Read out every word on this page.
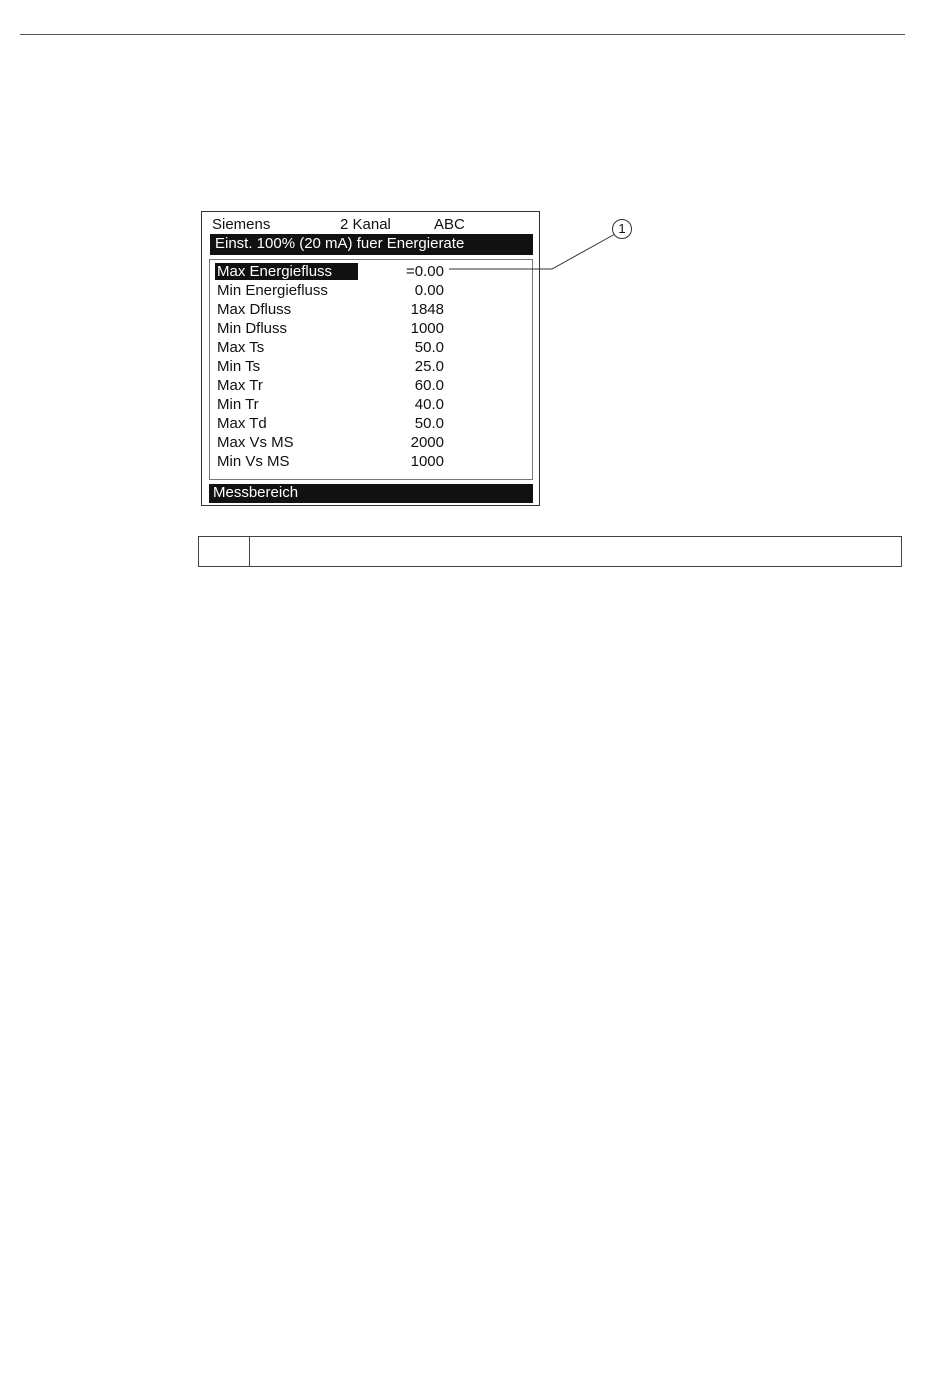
Siemens	2 Kanal	ABC
Einst. 100% (20 mA) fuer Energierate
Max Energiefluss	=0.00
Min Energiefluss	0.00
Max Dfluss	1848
Min Dfluss	1000
Max Ts	50.0
Min Ts	25.0
Max Tr	60.0
Min Tr	40.0
Max Td	50.0
Max Vs MS	2000
Min Vs MS	1000
Messbereich
1
